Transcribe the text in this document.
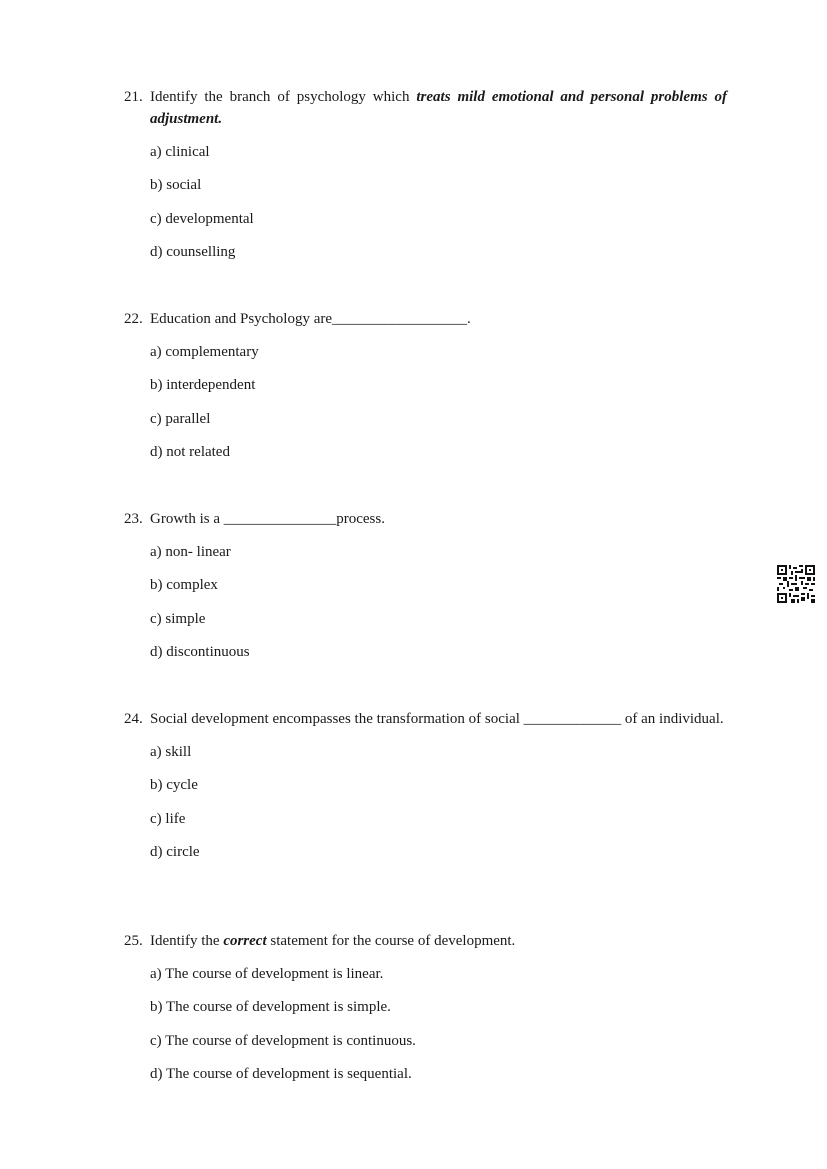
21. Identify the branch of psychology which treats mild emotional and personal problems of adjustment.
a) clinical
b) social
c) developmental
d) counselling
22. Education and Psychology are__________________.
a) complementary
b) interdependent
c) parallel
d) not related
23. Growth is a _______________process.
a) non- linear
b) complex
c) simple
d) discontinuous
24. Social development encompasses the transformation of social _____________ of an individual.
a) skill
b) cycle
c) life
d) circle
25. Identify the correct statement for the course of development.
a) The course of development is linear.
b) The course of development is simple.
c) The course of development is continuous.
d) The course of development is sequential.
